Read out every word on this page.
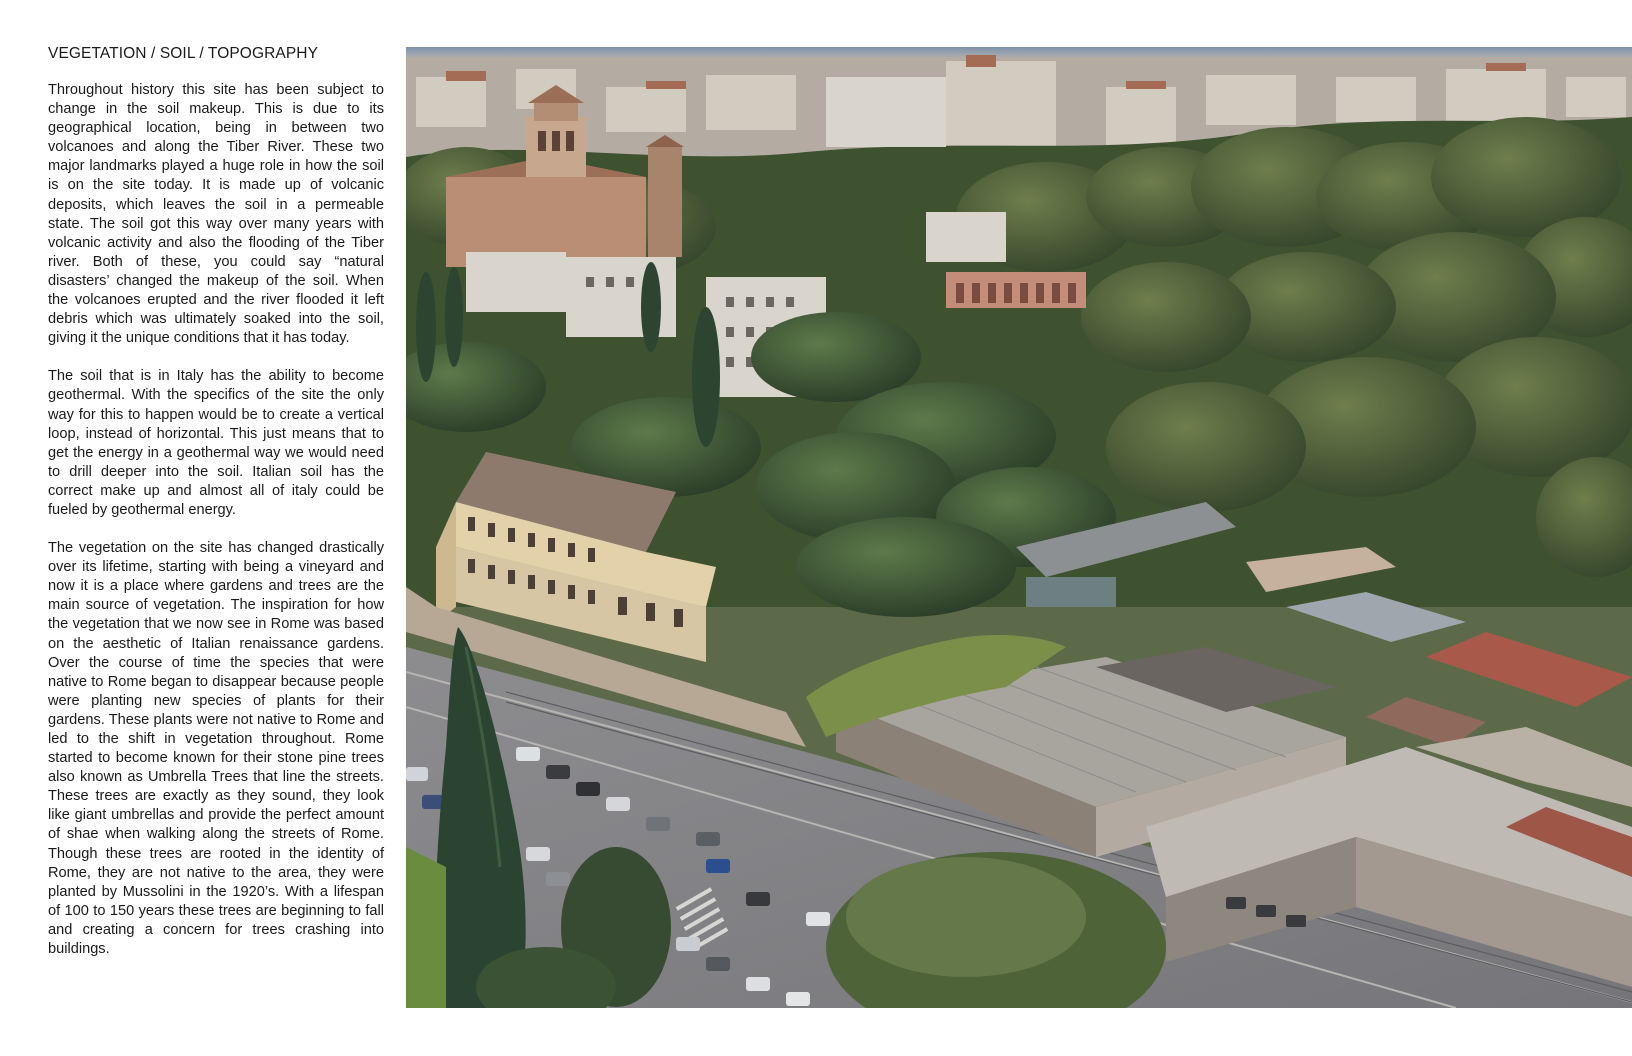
VEGETATION / SOIL / TOPOGRAPHY

Throughout history this site has been subject to change in the soil makeup. This is due to its geographical location, being in between two volcanoes and along the Tiber River. These two major landmarks played a huge role in how the soil is on the site today. It is made up of volcanic deposits, which leaves the soil in a permeable state. The soil got this way over many years with volcanic activity and also the flooding of the Tiber river. Both of these, you could say “natural disasters’ changed the makeup of the soil. When the volcanoes erupted and the river flooded it left debris which was ultimately soaked into the soil, giving it the unique conditions that it has today.

The soil that is in Italy has the ability to become geothermal. With the specifics of the site the only way for this to happen would be to create a vertical loop, instead of horizontal. This just means that to get the energy in a geothermal way we would need to drill deeper into the soil. Italian soil has the correct make up and almost all of italy could be fueled by geothermal energy.

The vegetation on the site has changed drastically over its lifetime, starting with being a vineyard and now it is a place where gardens and trees are the main source of vegetation. The inspiration for how the vegetation that we now see in Rome was based on the aesthetic of Italian renaissance gardens. Over the course of time the species that were native to Rome began to disappear because people were planting new species of plants for their gardens. These plants were not native to Rome and led to the shift in vegetation throughout. Rome started to become known for their stone pine trees also known as Umbrella Trees that line the streets. These trees are exactly as they sound, they look like giant umbrellas and provide the perfect amount of shae when walking along the streets of Rome. Though these trees are rooted in the identity of Rome, they are not native to the area, they were planted by Mussolini in the 1920’s. With a lifespan of 100 to 150 years these trees are beginning to fall and creating a concern for trees crashing into buildings.
